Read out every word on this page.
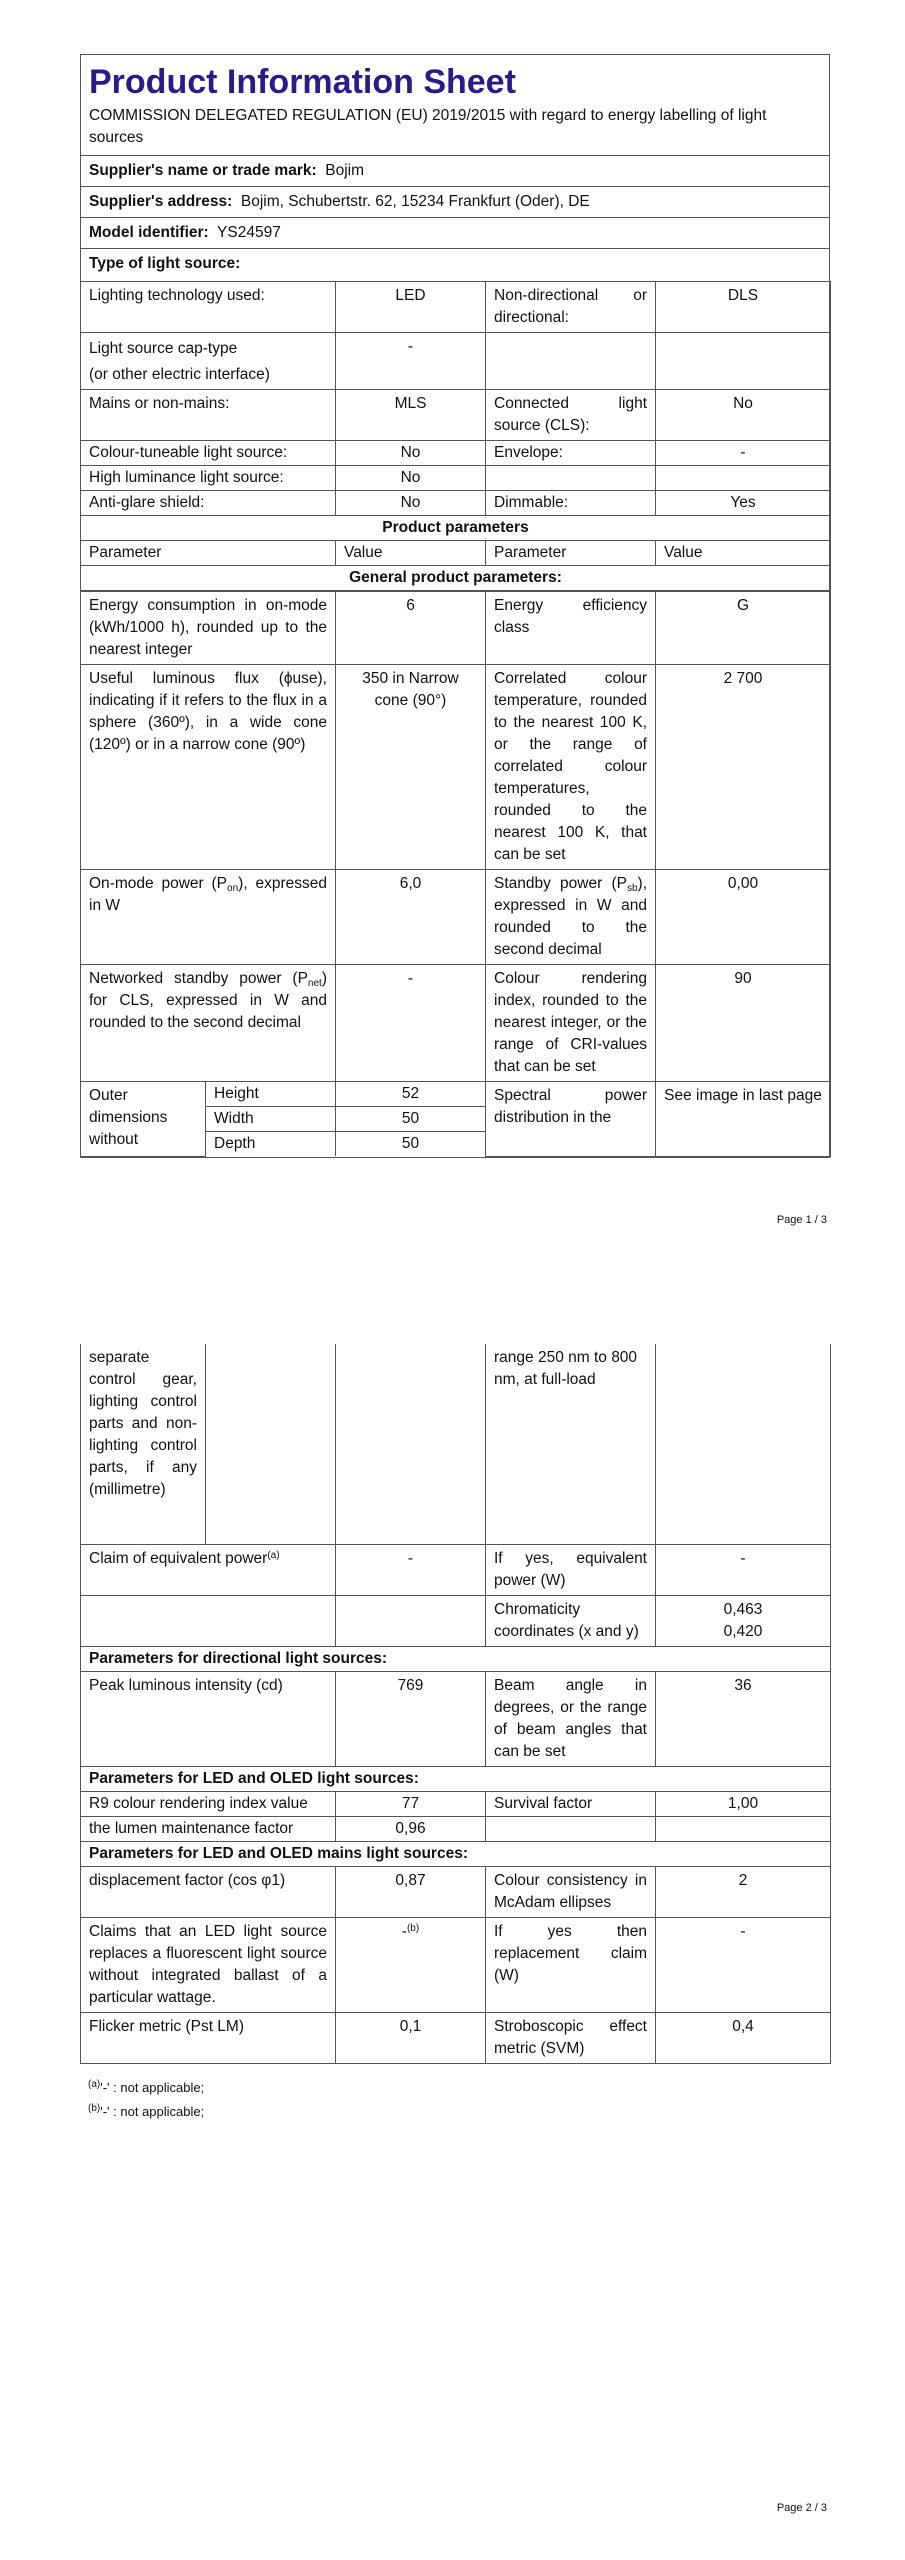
Product Information Sheet
COMMISSION DELEGATED REGULATION (EU) 2019/2015 with regard to energy labelling of light sources
Supplier's name or trade mark: Bojim
Supplier's address: Bojim, Schubertstr. 62, 15234 Frankfurt (Oder), DE
Model identifier: YS24597
Type of light source:
Lighting technology used:	LED	Non-directional or directional:	DLS

Light source cap-type
(or other electric interface)	-		
Mains or non-mains:	MLS	Connected light source (CLS):	No
Colour-tuneable light source:	No	Envelope:	-
High luminance light source:	No		
Anti-glare shield:	No	Dimmable:	Yes
Product parameters			
Parameter	Value	Parameter	Value
General product parameters:			
Energy consumption in on-mode (kWh/1000 h), rounded up to the nearest integer		6	Energy efficiency class	G
Useful luminous flux (ϕuse), indicating if it refers to the flux in a sphere (360º), in a wide cone (120º) or in a narrow cone (90º)		350 in Narrow cone (90°)	Correlated colour temperature, rounded to the nearest 100 K, or the range of correlated colour temperatures, rounded to the nearest 100 K, that can be set	2 700
On-mode power $(P_{on})$, expressed in W		6,0	Standby power $(P_{sb})$, expressed in W and rounded to the second decimal	0,00
Networked standby power $(P_{net})$ for CLS, expressed in W and rounded to the second decimal		-	Colour rendering index, rounded to the nearest integer, or the range of CRI-values that can be set	90
Outer dimensions without	Height	52	Spectral power distribution in the	See image in last page
	Width	50		
	Depth	50		
Page 1 / 3
separate control gear, lighting control parts and non-lighting control parts, if any (millimetre)			range 250 nm to 800 nm, at full-load	
Claim of equivalent power$^{(a)}$		-	If yes, equivalent power (W)	-
			Chromaticity coordinates (x and y)	0,463
0,420

Parameters for directional light sources:				
Peak luminous intensity (cd)		769	Beam angle in degrees, or the range of beam angles that can be set	36
Parameters for LED and OLED light sources:				
R9 colour rendering index value		77	Survival factor	1,00
the lumen maintenance factor		0,96		
Parameters for LED and OLED mains light sources:				
displacement factor (cos φ1)		0,87	Colour consistency in McAdam ellipses	2
Claims that an LED light source replaces a fluorescent light source without integrated ballast of a particular wattage.		-$^{(b)}$	If yes then replacement claim (W)	-
Flicker metric (Pst LM)		0,1	Stroboscopic effect metric (SVM)	0,4
$^{(a)}$'-' : not applicable;
$^{(b)}$'-' : not applicable;
Page 2 / 3
